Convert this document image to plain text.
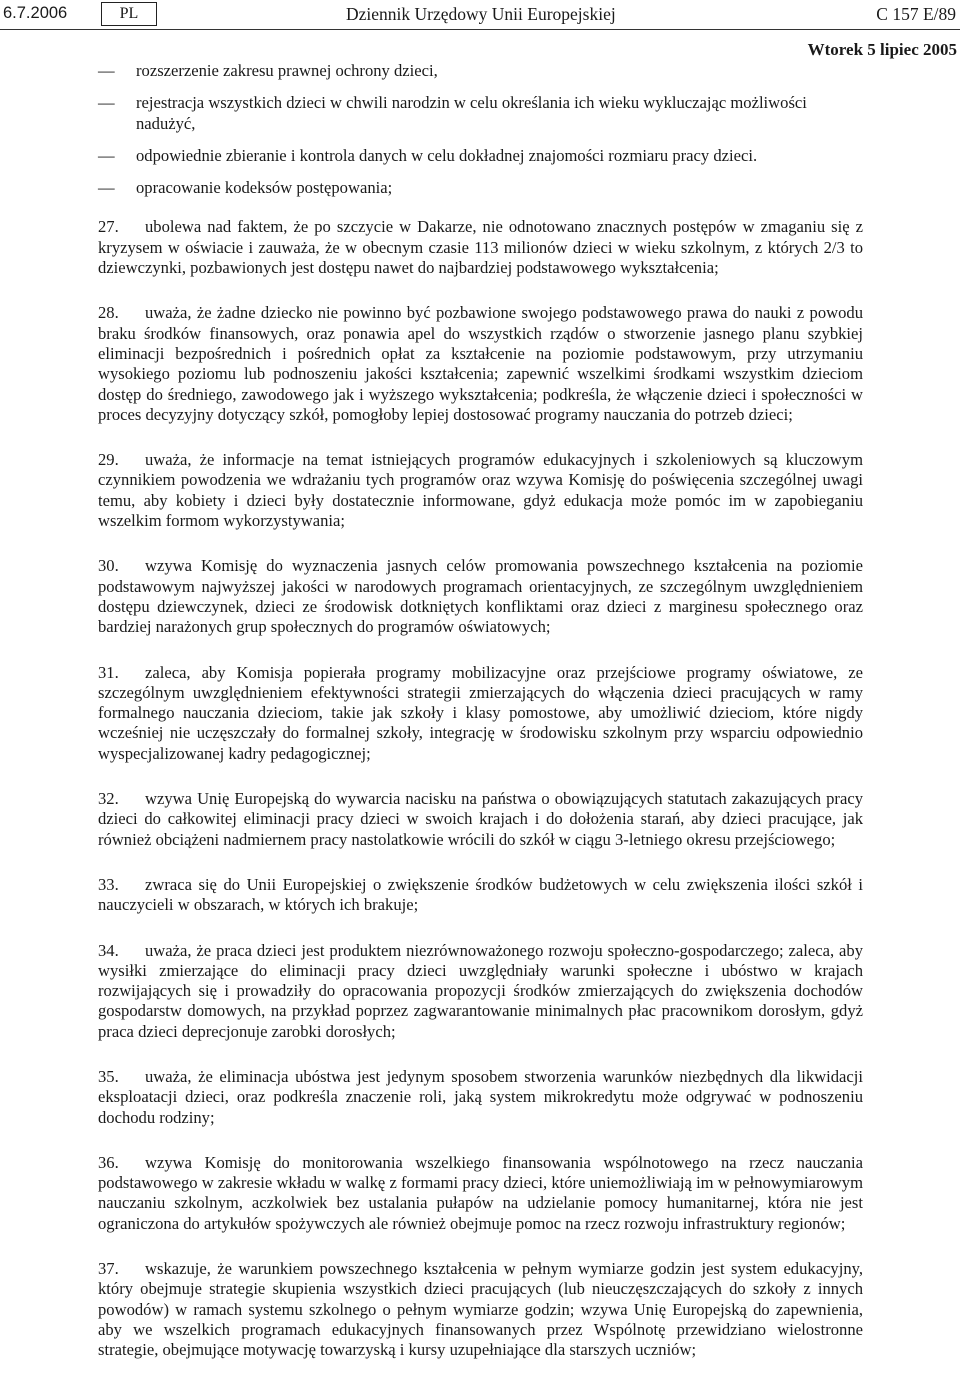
6.7.2006	PL	Dziennik Urzędowy Unii Europejskiej	C 157 E/89
Wtorek 5 lipiec 2005
—	rozszerzenie zakresu prawnej ochrony dzieci,
—	rejestracja wszystkich dzieci w chwili narodzin w celu określania ich wieku wykluczając możliwości nadużyć,
—	odpowiednie zbieranie i kontrola danych w celu dokładnej znajomości rozmiaru pracy dzieci.
—	opracowanie kodeksów postępowania;

27. ubolewa nad faktem, że po szczycie w Dakarze, nie odnotowano znacznych postępów w zmaganiu się z kryzysem w oświacie i zauważa, że w obecnym czasie 113 milionów dzieci w wieku szkolnym, z których 2/3 to dziewczynki, pozbawionych jest dostępu nawet do najbardziej podstawowego wykształcenia;

28. uważa, że żadne dziecko nie powinno być pozbawione swojego podstawowego prawa do nauki z powodu braku środków finansowych, oraz ponawia apel do wszystkich rządów o stworzenie jasnego planu szybkiej eliminacji bezpośrednich i pośrednich opłat za kształcenie na poziomie podstawowym, przy utrzymaniu wysokiego poziomu lub podnoszeniu jakości kształcenia; zapewnić wszelkimi środkami wszystkim dzieciom dostęp do średniego, zawodowego jak i wyższego wykształcenia; podkreśla, że włączenie dzieci i społeczności w proces decyzyjny dotyczący szkół, pomogłoby lepiej dostosować programy nauczania do potrzeb dzieci;

29. uważa, że informacje na temat istniejących programów edukacyjnych i szkoleniowych są kluczowym czynnikiem powodzenia we wdrażaniu tych programów oraz wzywa Komisję do poświęcenia szczególnej uwagi temu, aby kobiety i dzieci były dostatecznie informowane, gdyż edukacja może pomóc im w zapobieganiu wszelkim formom wykorzystywania;

30. wzywa Komisję do wyznaczenia jasnych celów promowania powszechnego kształcenia na poziomie podstawowym najwyższej jakości w narodowych programach orientacyjnych, ze szczególnym uwzględnieniem dostępu dziewczynek, dzieci ze środowisk dotkniętych konfliktami oraz dzieci z marginesu społecznego oraz bardziej narażonych grup społecznych do programów oświatowych;

31. zaleca, aby Komisja popierała programy mobilizacyjne oraz przejściowe programy oświatowe, ze szczególnym uwzględnieniem efektywności strategii zmierzających do włączenia dzieci pracujących w ramy formalnego nauczania dzieciom, takie jak szkoły i klasy pomostowe, aby umożliwić dzieciom, które nigdy wcześniej nie uczęszczały do formalnej szkoły, integrację w środowisku szkolnym przy wsparciu odpowiednio wyspecjalizowanej kadry pedagogicznej;

32. wzywa Unię Europejską do wywarcia nacisku na państwa o obowiązujących statutach zakazujących pracy dzieci do całkowitej eliminacji pracy dzieci w swoich krajach i do dołożenia starań, aby dzieci pracujące, jak również obciążeni nadmiernem pracy nastolatkowie wrócili do szkół w ciągu 3-letniego okresu przejściowego;

33. zwraca się do Unii Europejskiej o zwiększenie środków budżetowych w celu zwiększenia ilości szkół i nauczycieli w obszarach, w których ich brakuje;

34. uważa, że praca dzieci jest produktem niezrównoważonego rozwoju społeczno-gospodarczego; zaleca, aby wysiłki zmierzające do eliminacji pracy dzieci uwzględniały warunki społeczne i ubóstwo w krajach rozwijających się i prowadziły do opracowania propozycji środków zmierzających do zwiększenia dochodów gospodarstw domowych, na przykład poprzez zagwarantowanie minimalnych płac pracownikom dorosłym, gdyż praca dzieci deprecjonuje zarobki dorosłych;

35. uważa, że eliminacja ubóstwa jest jedynym sposobem stworzenia warunków niezbędnych dla likwidacji eksploatacji dzieci, oraz podkreśla znaczenie roli, jaką system mikrokredytu może odgrywać w podnoszeniu dochodu rodziny;

36. wzywa Komisję do monitorowania wszelkiego finansowania wspólnotowego na rzecz nauczania podstawowego w zakresie wkładu w walkę z formami pracy dzieci, które uniemożliwiają im w pełnowymiarowym nauczaniu szkolnym, aczkolwiek bez ustalania pułapów na udzielanie pomocy humanitarnej, która nie jest ograniczona do artykułów spożywczych ale również obejmuje pomoc na rzecz rozwoju infrastruktury regionów;

37. wskazuje, że warunkiem powszechnego kształcenia w pełnym wymiarze godzin jest system edukacyjny, który obejmuje strategie skupienia wszystkich dzieci pracujących (lub nieuczęszczających do szkoły z innych powodów) w ramach systemu szkolnego o pełnym wymiarze godzin; wzywa Unię Europejską do zapewnienia, aby we wszelkich programach edukacyjnych finansowanych przez Wspólnotę przewidziano wielostronne strategie, obejmujące motywację towarzyską i kursy uzupełniające dla starszych uczniów;
